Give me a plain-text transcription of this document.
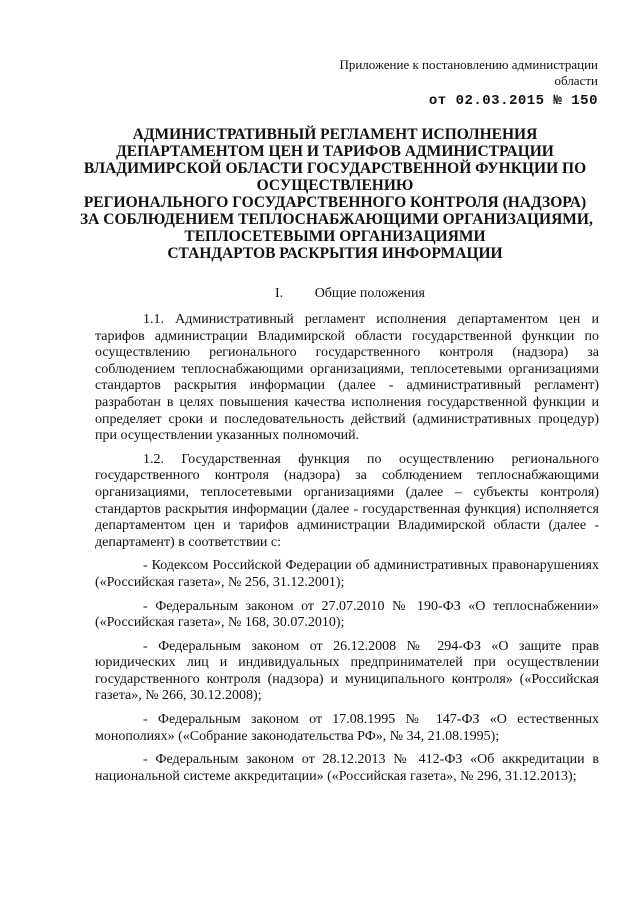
Приложение к постановлению администрации
области
от 02.03.2015 № 150
АДМИНИСТРАТИВНЫЙ РЕГЛАМЕНТ ИСПОЛНЕНИЯ
ДЕПАРТАМЕНТОМ ЦЕН И ТАРИФОВ АДМИНИСТРАЦИИ
ВЛАДИМИРСКОЙ ОБЛАСТИ ГОСУДАРСТВЕННОЙ ФУНКЦИИ ПО
ОСУЩЕСТВЛЕНИЮ
РЕГИОНАЛЬНОГО ГОСУДАРСТВЕННОГО КОНТРОЛЯ (НАДЗОРА)
ЗА СОБЛЮДЕНИЕМ ТЕПЛОСНАБЖАЮЩИМИ ОРГАНИЗАЦИЯМИ,
ТЕПЛОСЕТЕВЫМИ ОРГАНИЗАЦИЯМИ
СТАНДАРТОВ РАСКРЫТИЯ ИНФОРМАЦИИ
I. Общие положения

1.1. Административный регламент исполнения департаментом цен и тарифов администрации Владимирской области государственной функции по осуществлению регионального государственного контроля (надзора) за соблюдением теплоснабжающими организациями, теплосетевыми организациями стандартов раскрытия информации (далее - административный регламент) разработан в целях повышения качества исполнения государственной функции и определяет сроки и последовательность действий (административных процедур) при осуществлении указанных полномочий.

1.2. Государственная функция по осуществлению регионального государственного контроля (надзора) за соблюдением теплоснабжающими организациями, теплосетевыми организациями (далее – субъекты контроля) стандартов раскрытия информации (далее - государственная функция) исполняется департаментом цен и тарифов администрации Владимирской области (далее - департамент) в соответствии с:

- Кодексом Российской Федерации об административных правонарушениях («Российская газета», № 256, 31.12.2001);

- Федеральным законом от 27.07.2010 № 190-ФЗ «О теплоснабжении» («Российская газета», № 168, 30.07.2010);

- Федеральным законом от 26.12.2008 № 294-ФЗ «О защите прав юридических лиц и индивидуальных предпринимателей при осуществлении государственного контроля (надзора) и муниципального контроля» («Российская газета», № 266, 30.12.2008);

- Федеральным законом от 17.08.1995 № 147-ФЗ «О естественных монополиях» («Собрание законодательства РФ», № 34, 21.08.1995);

- Федеральным законом от 28.12.2013 № 412-ФЗ «Об аккредитации в национальной системе аккредитации» («Российская газета», № 296, 31.12.2013);
